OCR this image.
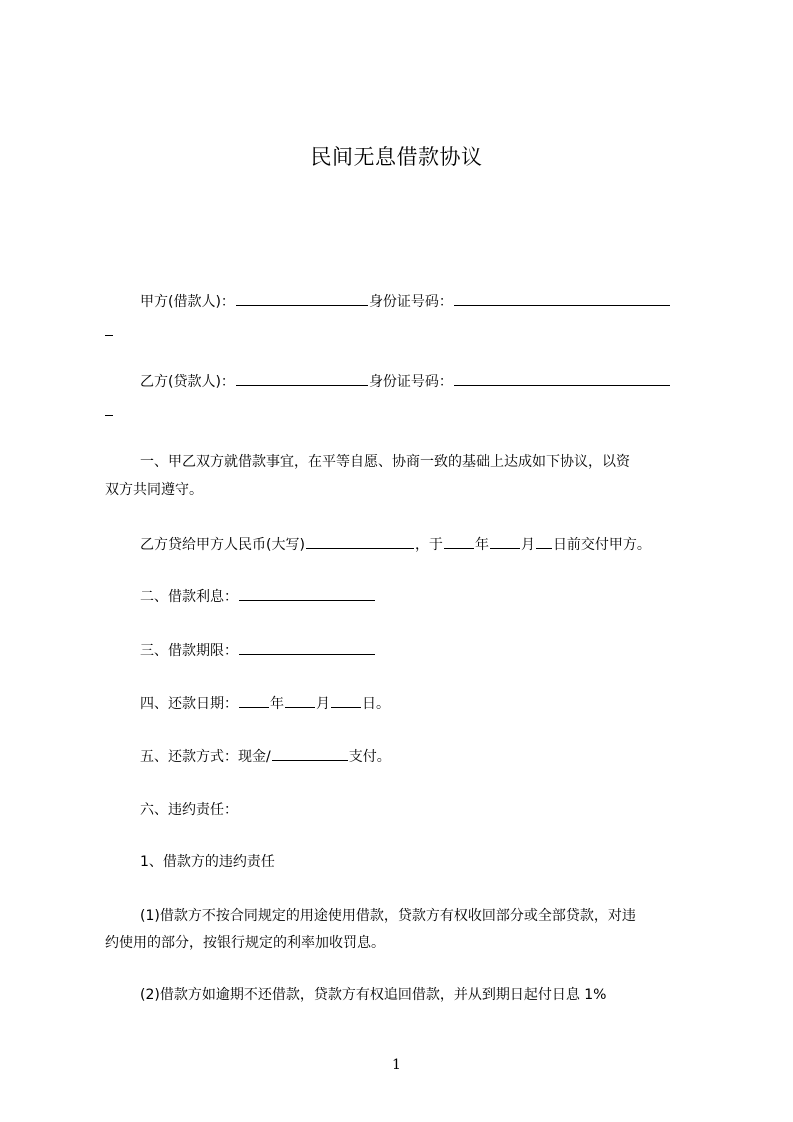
民间无息借款协议
甲方(借款人)：	身份证号码：
乙方(贷款人)：	身份证号码：
一、甲乙双方就借款事宜，在平等自愿、协商一致的基础上达成如下协议，以资
双方共同遵守。
乙方贷给甲方人民币(大写)	，于 年 月 日前交付甲方。
二、借款利息：
三、借款期限：
四、还款日期： 年 月 日。
五、还款方式：现金/	支付。
六、违约责任：
1、借款方的违约责任
(1)借款方不按合同规定的用途使用借款，贷款方有权收回部分或全部贷款，对违
约使用的部分，按银行规定的利率加收罚息。
(2)借款方如逾期不还借款，贷款方有权追回借款，并从到期日起付日息 1%
1
